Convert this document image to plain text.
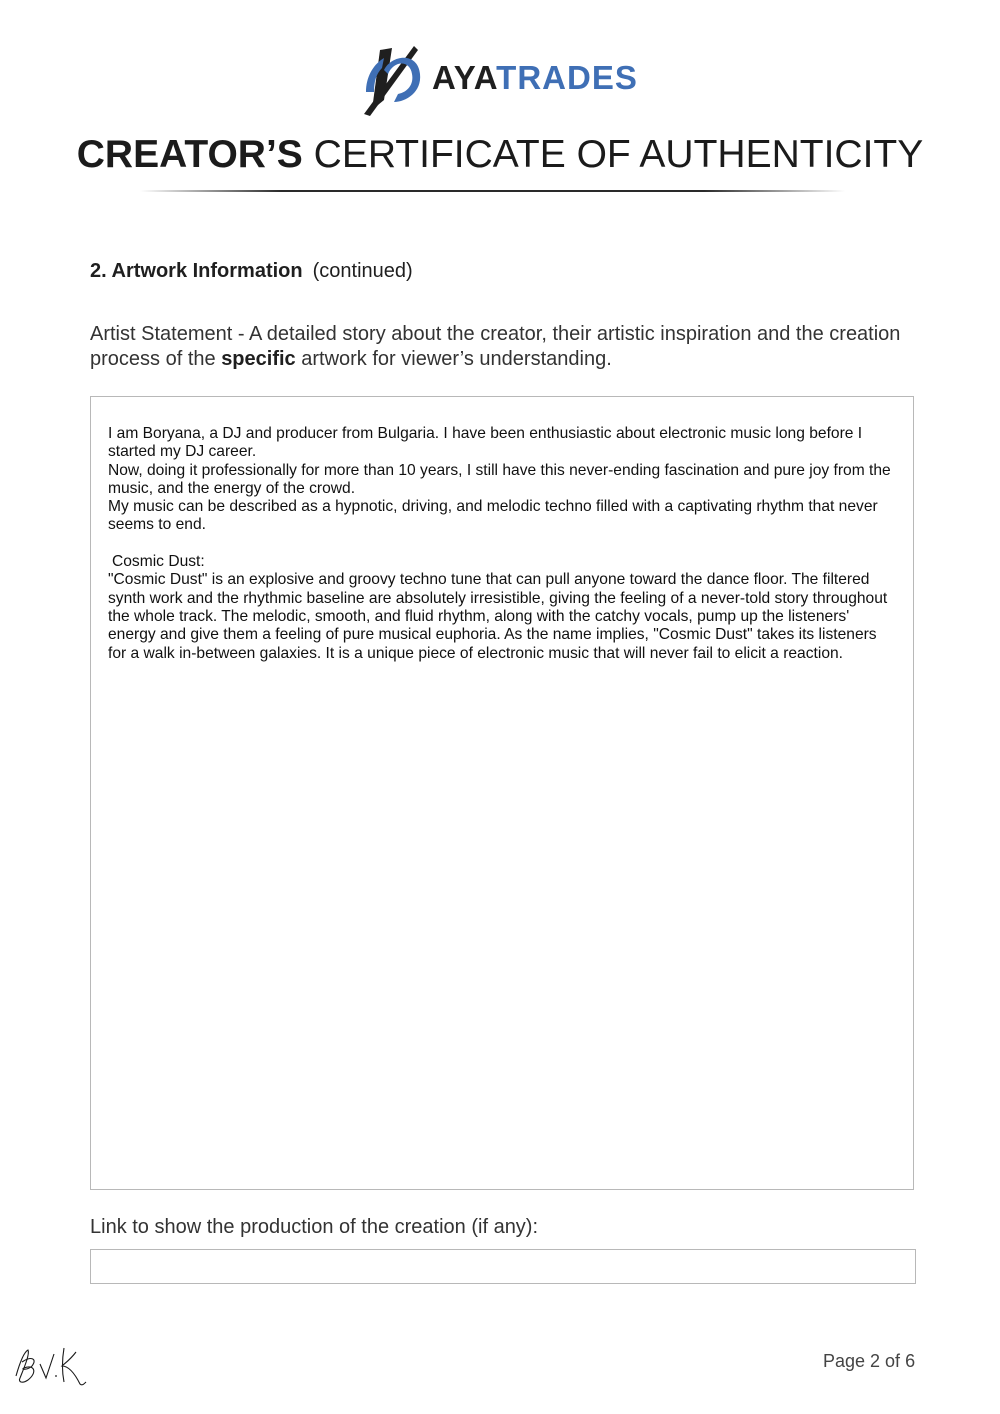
AYATRADES
CREATOR’S CERTIFICATE OF AUTHENTICITY
2. Artwork Information (continued)
Artist Statement - A detailed story about the creator, their artistic inspiration and the creation process of the specific artwork for viewer’s understanding.

I am Boryana, a DJ and producer from Bulgaria. I have been enthusiastic about electronic music long before I started my DJ career.

Now, doing it professionally for more than 10 years, I still have this never-ending fascination and pure joy from the music, and the energy of the crowd.

My music can be described as a hypnotic, driving, and melodic techno filled with a captivating rhythm that never seems to end.

Cosmic Dust:

"Cosmic Dust" is an explosive and groovy techno tune that can pull anyone toward the dance floor. The filtered synth work and the rhythmic baseline are absolutely irresistible, giving the feeling of a never-told story throughout the whole track. The melodic, smooth, and fluid rhythm, along with the catchy vocals, pump up the listeners' energy and give them a feeling of pure musical euphoria. As the name implies, "Cosmic Dust" takes its listeners for a walk in-between galaxies. It is a unique piece of electronic music that will never fail to elicit a reaction.

Link to show the production of the creation (if any):
Page 2 of 6
